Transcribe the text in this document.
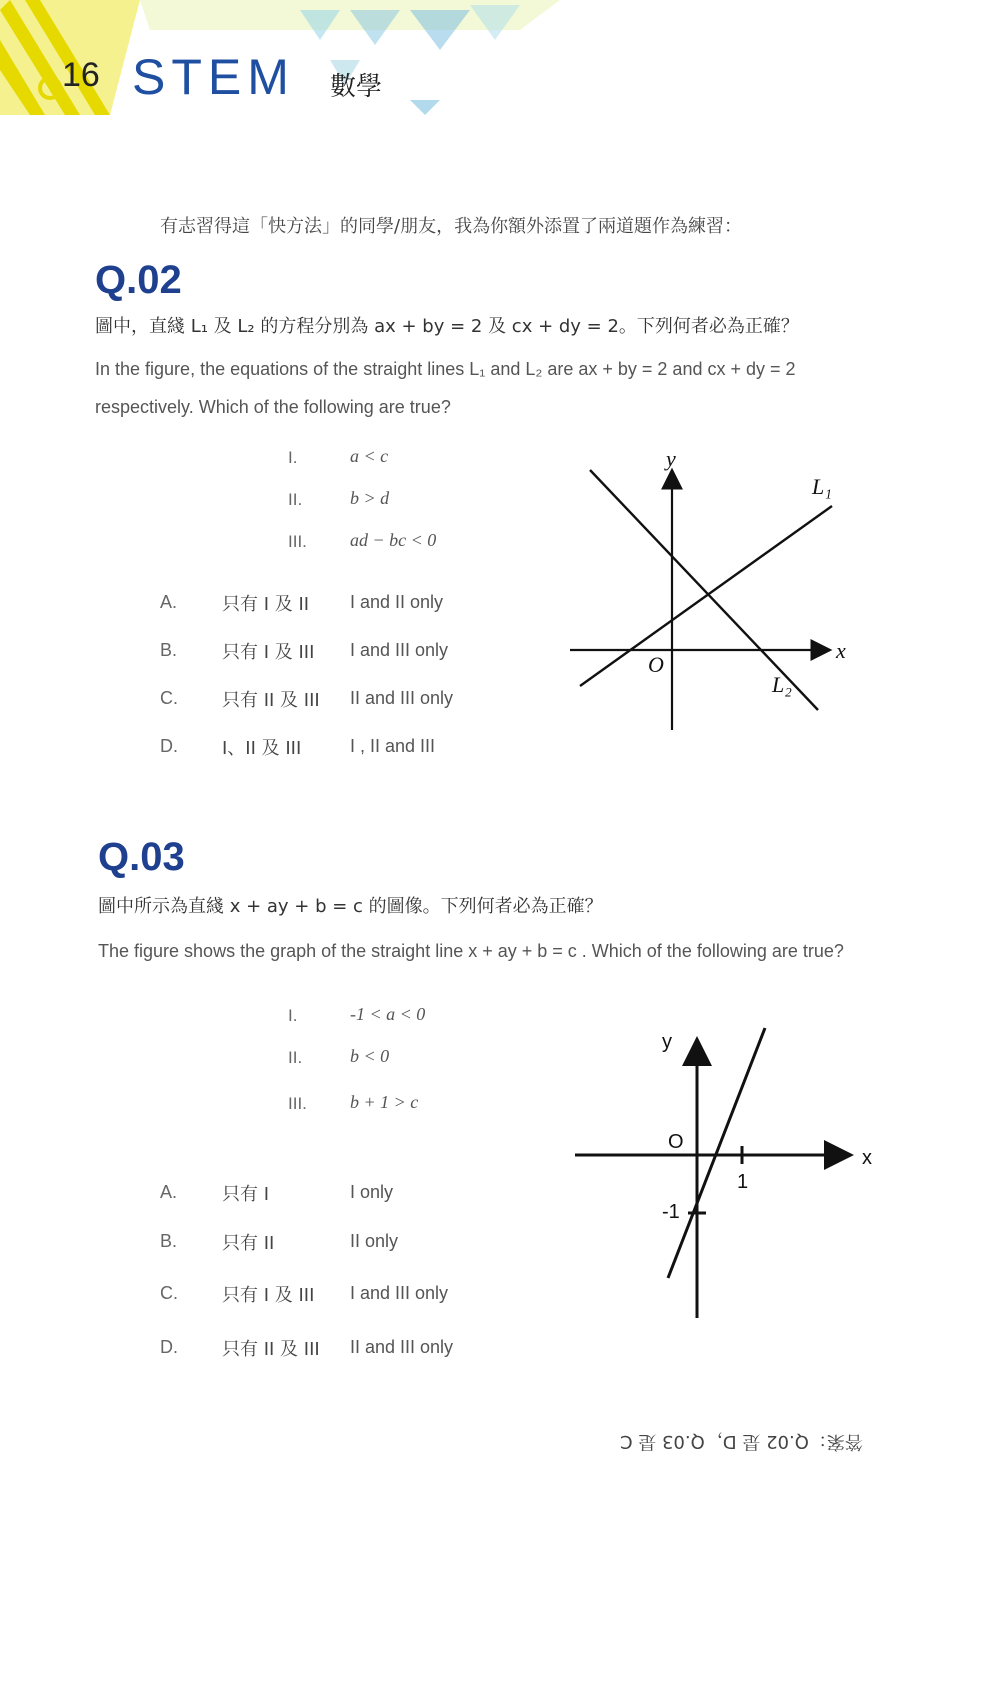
16 STEM 數學
有志習得這「快方法」的同學/朋友，我為你額外添置了兩道題作為練習：
Q.02
圖中，直綫 L₁ 及 L₂ 的方程分別為 ax + by = 2 及 cx + dy = 2。下列何者必為正確？
In the figure, the equations of the straight lines L₁ and L₂ are ax + by = 2 and cx + dy = 2 respectively. Which of the following are true?
I.	a < c
II.	b > d
III. ad − bc < 0
A. 只有 I 及 II I and II only
B. 只有 I 及 III I and III only
C. 只有 II 及 III II and III only
D. I、II 及 III	I , II and III
y
x
O
L₁
L₂
Q.03
圖中所示為直綫 x + ay + b = c 的圖像。下列何者必為正確？
The figure shows the graph of the straight line x + ay + b = c . Which of the following are true?
I.	-1 < a < 0
II.	b < 0
III. b + 1 > c
A. 只有 I	I only
B. 只有 II	II only
C. 只有 I 及 III I and III only
D. 只有 II 及 III II and III only
y
x
O
1
-1
答案：Q.02 是 D，Q.03 是 C
